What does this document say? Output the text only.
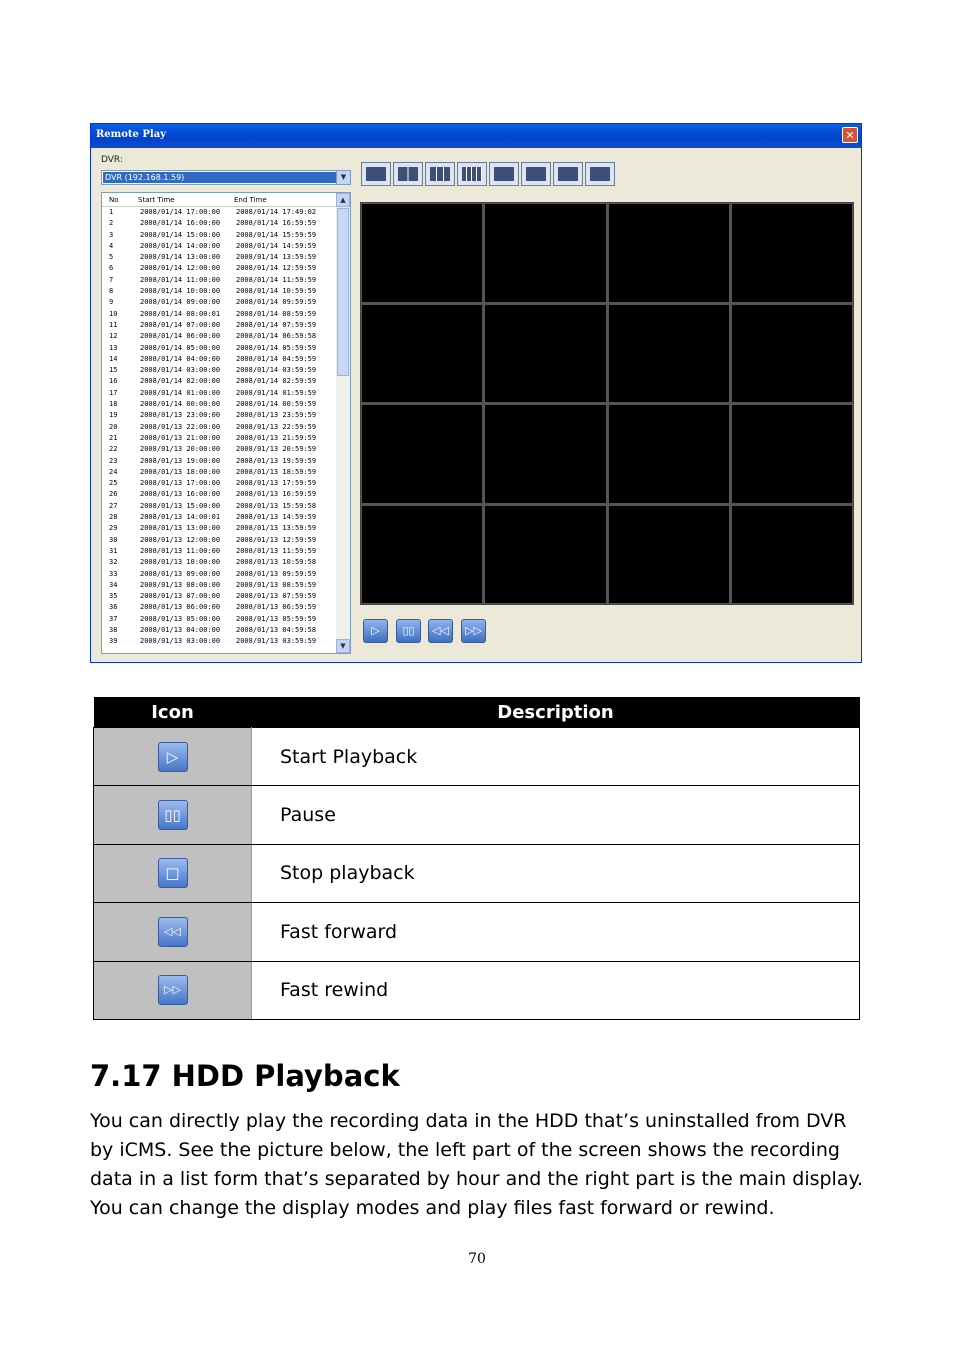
Remote Play	✕
DVR:
DVR (192.168.1.59)	▼
No	Start Time	End Time
1	2008/01/14 17:00:00 2008/01/14 17:49:02
2	2008/01/14 16:00:00 2008/01/14 16:59:59
3	2008/01/14 15:00:00 2008/01/14 15:59:59
4	2008/01/14 14:00:00 2008/01/14 14:59:59
5	2008/01/14 13:00:00 2008/01/14 13:59:59
6	2008/01/14 12:00:00 2008/01/14 12:59:59
7	2008/01/14 11:00:00 2008/01/14 11:59:59
8	2008/01/14 10:00:00 2008/01/14 10:59:59
9	2008/01/14 09:00:00 2008/01/14 09:59:59
10	2008/01/14 08:00:01 2008/01/14 08:59:59
11	2008/01/14 07:00:00 2008/01/14 07:59:59
12	2008/01/14 06:00:00 2008/01/14 06:59:58
13	2008/01/14 05:00:00 2008/01/14 05:59:59
14	2008/01/14 04:00:00 2008/01/14 04:59:59
15	2008/01/14 03:00:00 2008/01/14 03:59:59
16	2008/01/14 02:00:00 2008/01/14 02:59:59
17	2008/01/14 01:00:00 2008/01/14 01:59:59
18	2008/01/14 00:00:00 2008/01/14 00:59:59
19	2008/01/13 23:00:00 2008/01/13 23:59:59
20	2008/01/13 22:00:00 2008/01/13 22:59:59
21	2008/01/13 21:00:00 2008/01/13 21:59:59
22	2008/01/13 20:00:00 2008/01/13 20:59:59
23	2008/01/13 19:00:00 2008/01/13 19:59:59
24	2008/01/13 18:00:00 2008/01/13 18:59:59
25	2008/01/13 17:00:00 2008/01/13 17:59:59
26	2008/01/13 16:00:00 2008/01/13 16:59:59
27	2008/01/13 15:00:00 2008/01/13 15:59:58
28	2008/01/13 14:00:01 2008/01/13 14:59:59
29	2008/01/13 13:00:00 2008/01/13 13:59:59
30	2008/01/13 12:00:00 2008/01/13 12:59:59
31	2008/01/13 11:00:00 2008/01/13 11:59:59
32	2008/01/13 10:00:00 2008/01/13 10:59:58
33	2008/01/13 09:00:00 2008/01/13 09:59:59
34	2008/01/13 08:00:00 2008/01/13 08:59:59
35	2008/01/13 07:00:00 2008/01/13 07:59:59
36	2008/01/13 06:00:00 2008/01/13 06:59:59
37	2008/01/13 05:00:00 2008/01/13 05:59:59
38	2008/01/13 04:00:00 2008/01/13 04:59:58
39	2008/01/13 03:00:00 2008/01/13 03:59:59
▲
▼
▷	▯▯	◁◁	▷▷
Icon	Description
▷	Start Playback
▯▯	Pause
□	Stop playback
◁◁	Fast forward
▷▷	Fast rewind
7.17 HDD Playback

You can directly play the recording data in the HDD that’s uninstalled from DVR by iCMS. See the picture below, the left part of the screen shows the recording data in a list form that’s separated by hour and the right part is the main display. You can change the display modes and play files fast forward or rewind.

70
